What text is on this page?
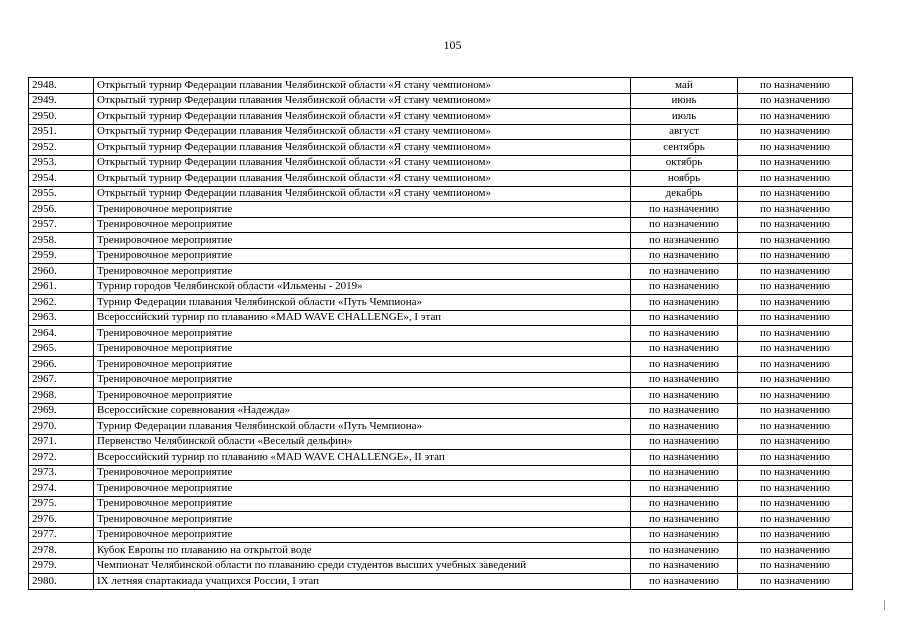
105
2948.	Открытый турнир Федерации плавания Челябинской области «Я стану чемпионом»	май	по назначению
2949.	Открытый турнир Федерации плавания Челябинской области «Я стану чемпионом»	июнь	по назначению
2950.	Открытый турнир Федерации плавания Челябинской области «Я стану чемпионом»	июль	по назначению
2951.	Открытый турнир Федерации плавания Челябинской области «Я стану чемпионом»	август	по назначению
2952.	Открытый турнир Федерации плавания Челябинской области «Я стану чемпионом»	сентябрь	по назначению
2953.	Открытый турнир Федерации плавания Челябинской области «Я стану чемпионом»	октябрь	по назначению
2954.	Открытый турнир Федерации плавания Челябинской области «Я стану чемпионом»	ноябрь	по назначению
2955.	Открытый турнир Федерации плавания Челябинской области «Я стану чемпионом»	декабрь	по назначению
2956.	Тренировочное мероприятие	по назначению	по назначению
2957.	Тренировочное мероприятие	по назначению	по назначению
2958.	Тренировочное мероприятие	по назначению	по назначению
2959.	Тренировочное мероприятие	по назначению	по назначению
2960.	Тренировочное мероприятие	по назначению	по назначению
2961.	Турнир городов Челябинской области «Ильмены - 2019»	по назначению	по назначению
2962.	Турнир Федерации плавания Челябинской области «Путь Чемпиона»	по назначению	по назначению
2963.	Всероссийский турнир по плаванию «MAD WAVE CHALLENGE», I этап	по назначению	по назначению
2964.	Тренировочное мероприятие	по назначению	по назначению
2965.	Тренировочное мероприятие	по назначению	по назначению
2966.	Тренировочное мероприятие	по назначению	по назначению
2967.	Тренировочное мероприятие	по назначению	по назначению
2968.	Тренировочное мероприятие	по назначению	по назначению
2969.	Всероссийские соревнования «Надежда»	по назначению	по назначению
2970.	Турнир Федерации плавания Челябинской области «Путь Чемпиона»	по назначению	по назначению
2971.	Первенство Челябинской области «Веселый дельфин»	по назначению	по назначению
2972.	Всероссийский турнир по плаванию «MAD WAVE CHALLENGE», II этап	по назначению	по назначению
2973.	Тренировочное мероприятие	по назначению	по назначению
2974.	Тренировочное мероприятие	по назначению	по назначению
2975.	Тренировочное мероприятие	по назначению	по назначению
2976.	Тренировочное мероприятие	по назначению	по назначению
2977.	Тренировочное мероприятие	по назначению	по назначению
2978.	Кубок Европы по плаванию на открытой воде	по назначению	по назначению
2979.	Чемпионат Челябинской области по плаванию среди студентов высших учебных заведений	по назначению	по назначению
2980.	IX летняя спартакиада учащихся России, I этап	по назначению	по назначению
